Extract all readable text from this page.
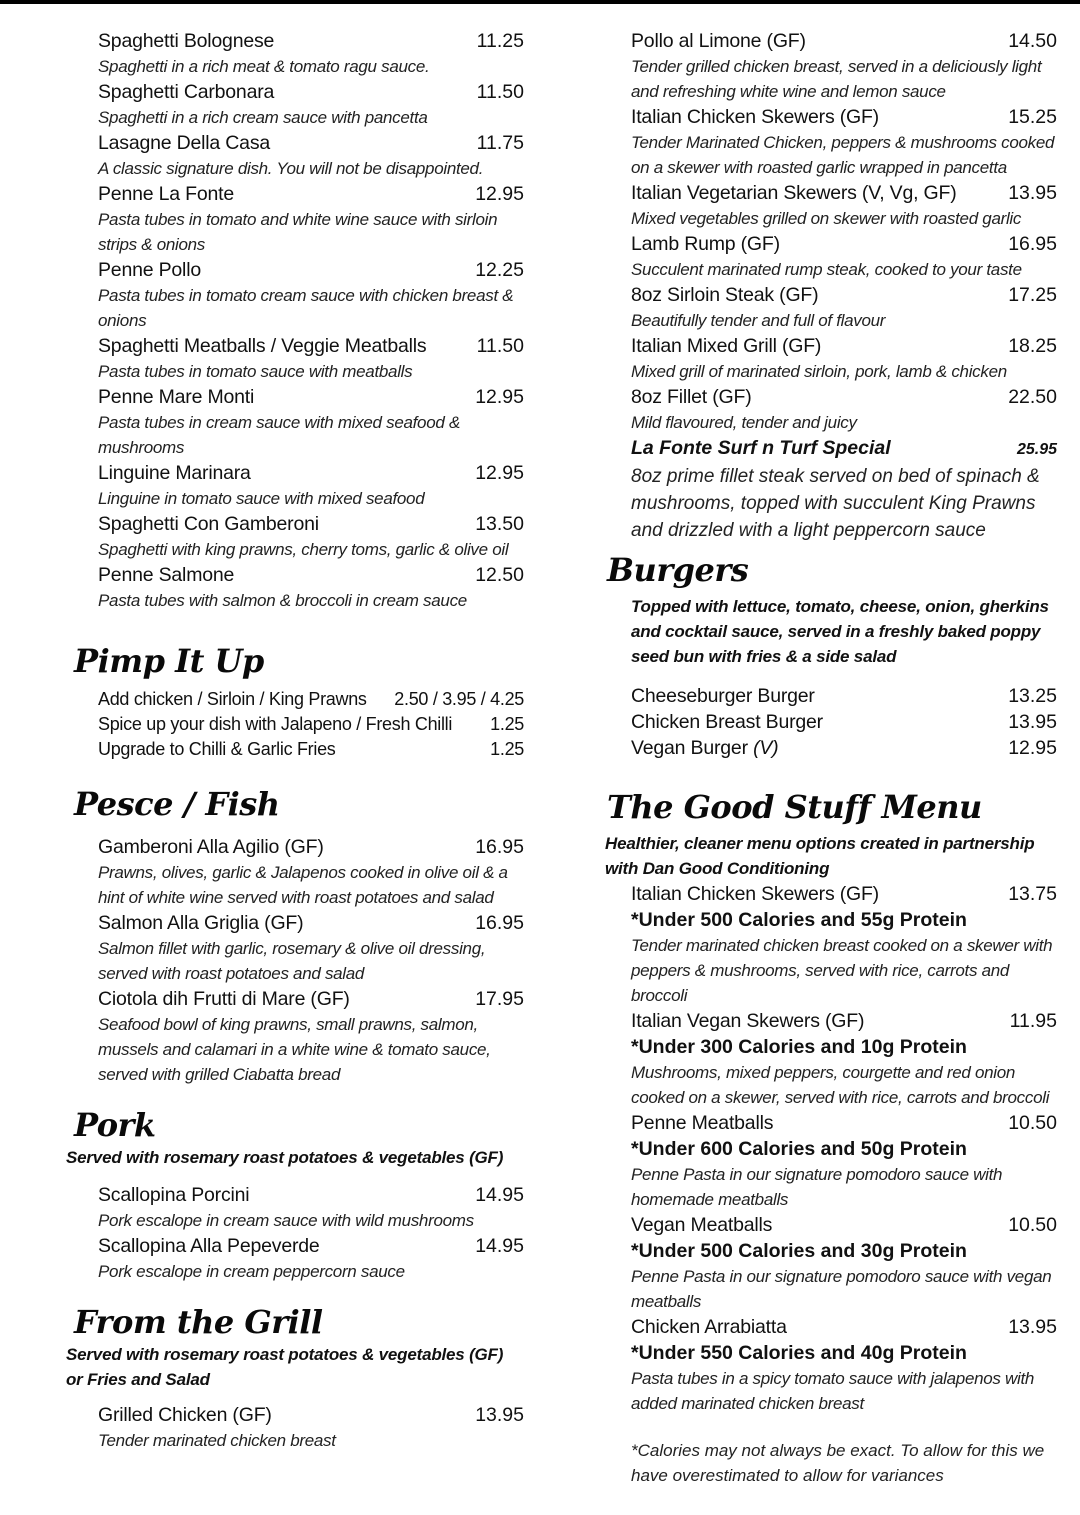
Spaghetti Bolognese	11.25
Spaghetti in a rich meat & tomato ragu sauce.
Spaghetti Carbonara	11.50
Spaghetti in a rich cream sauce with pancetta
Lasagne Della Casa	11.75
A classic signature dish. You will not be disappointed.
Penne La Fonte	12.95
Pasta tubes in tomato and white wine sauce with sirloin strips & onions
Penne Pollo	12.25
Pasta tubes in tomato cream sauce with chicken breast & onions
Spaghetti Meatballs / Veggie Meatballs	11.50
Pasta tubes in tomato sauce with meatballs
Penne Mare Monti	12.95
Pasta tubes in cream sauce with mixed seafood & mushrooms
Linguine Marinara	12.95
Linguine in tomato sauce with mixed seafood
Spaghetti Con Gamberoni	13.50
Spaghetti with king prawns, cherry toms, garlic & olive oil
Penne Salmone	12.50
Pasta tubes with salmon & broccoli in cream sauce
Pimp It Up
Add chicken / Sirloin / King Prawns 2.50 / 3.95 / 4.25
Spice up your dish with Jalapeno / Fresh Chilli 1.25
Upgrade to Chilli & Garlic Fries	1.25
Pesce / Fish
Gamberoni Alla Agilio (GF)	16.95
Prawns, olives, garlic & Jalapenos cooked in olive oil & a hint of white wine served with roast potatoes and salad
Salmon Alla Griglia (GF)	16.95
Salmon fillet with garlic, rosemary & olive oil dressing, served with roast potatoes and salad
Ciotola dih Frutti di Mare (GF)	17.95
Seafood bowl of king prawns, small prawns, salmon, mussels and calamari in a white wine & tomato sauce, served with grilled Ciabatta bread
Pork
Served with rosemary roast potatoes & vegetables (GF)
Scallopina Porcini	14.95
Pork escalope in cream sauce with wild mushrooms
Scallopina Alla Pepeverde	14.95
Pork escalope in cream peppercorn sauce
From the Grill
Served with rosemary roast potatoes & vegetables (GF) or Fries and Salad
Grilled Chicken (GF)	13.95
Tender marinated chicken breast
Pollo al Limone (GF)	14.50
Tender grilled chicken breast, served in a deliciously light and refreshing white wine and lemon sauce
Italian Chicken Skewers (GF)	15.25
Tender Marinated Chicken, peppers & mushrooms cooked on a skewer with roasted garlic wrapped in pancetta
Italian Vegetarian Skewers (V, Vg, GF)	13.95
Mixed vegetables grilled on skewer with roasted garlic
Lamb Rump (GF)	16.95
Succulent marinated rump steak, cooked to your taste
8oz Sirloin Steak (GF)	17.25
Beautifully tender and full of flavour
Italian Mixed Grill (GF)	18.25
Mixed grill of marinated sirloin, pork, lamb & chicken
8oz Fillet (GF)	22.50
Mild flavoured, tender and juicy
La Fonte Surf n Turf Special	25.95
8oz prime fillet steak served on bed of spinach & mushrooms, topped with succulent King Prawns and drizzled with a light peppercorn sauce
Burgers
Topped with lettuce, tomato, cheese, onion, gherkins and cocktail sauce, served in a freshly baked poppy seed bun with fries & a side salad
Cheeseburger Burger	13.25
Chicken Breast Burger	13.95
Vegan Burger (V)	12.95
The Good Stuff Menu
Healthier, cleaner menu options created in partnership with Dan Good Conditioning
Italian Chicken Skewers (GF)	13.75
*Under 500 Calories and 55g Protein
Tender marinated chicken breast cooked on a skewer with peppers & mushrooms, served with rice, carrots and broccoli
Italian Vegan Skewers (GF)	11.95
*Under 300 Calories and 10g Protein
Mushrooms, mixed peppers, courgette and red onion cooked on a skewer, served with rice, carrots and broccoli
Penne Meatballs	10.50
*Under 600 Calories and 50g Protein
Penne Pasta in our signature pomodoro sauce with homemade meatballs
Vegan Meatballs	10.50
*Under 500 Calories and 30g Protein
Penne Pasta in our signature pomodoro sauce with vegan meatballs
Chicken Arrabiatta	13.95
*Under 550 Calories and 40g Protein
Pasta tubes in a spicy tomato sauce with jalapenos with added marinated chicken breast
*Calories may not always be exact. To allow for this we have overestimated to allow for variances
